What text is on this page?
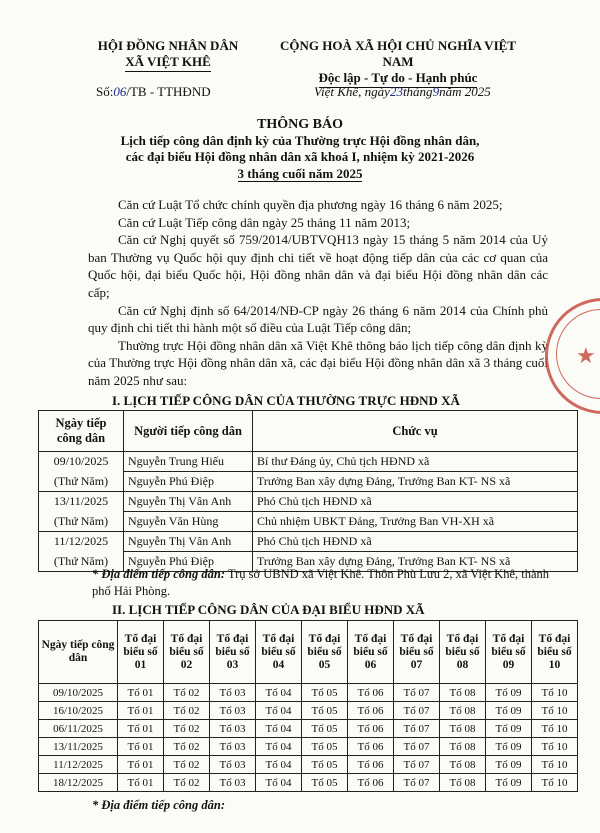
HỘI ĐỒNG NHÂN DÂN
XÃ VIỆT KHÊ
CỘNG HOÀ XÃ HỘI CHỦ NGHĨA VIỆT NAM
Độc lập - Tự do - Hạnh phúc
Số:06/TB - TTHĐND	Việt Khê, ngày23tháng9năm 2025
THÔNG BÁO
Lịch tiếp công dân định kỳ của Thường trực Hội đồng nhân dân,
các đại biểu Hội đồng nhân dân xã khoá I, nhiệm kỳ 2021-2026
3 tháng cuối năm 2025

Căn cứ Luật Tổ chức chính quyền địa phương ngày 16 tháng 6 năm 2025;

Căn cứ Luật Tiếp công dân ngày 25 tháng 11 năm 2013;

Căn cứ Nghị quyết số 759/2014/UBTVQH13 ngày 15 tháng 5 năm 2014 của Uỷ ban Thường vụ Quốc hội quy định chi tiết về hoạt động tiếp dân của các cơ quan của Quốc hội, đại biểu Quốc hội, Hội đồng nhân dân và đại biểu Hội đồng nhân dân các cấp;

Căn cứ Nghị định số 64/2014/NĐ-CP ngày 26 tháng 6 năm 2014 của Chính phủ quy định chi tiết thi hành một số điều của Luật Tiếp công dân;

Thường trực Hội đồng nhân dân xã Việt Khê thông báo lịch tiếp công dân định kỳ của Thường trực Hội đồng nhân dân xã, các đại biểu Hội đồng nhân dân xã 3 tháng cuối năm 2025 như sau:

★
I. LỊCH TIẾP CÔNG DÂN CỦA THƯỜNG TRỰC HĐND XÃ
Ngày tiếp công dân	Người tiếp công dân	Chức vụ
09/10/2025	Nguyễn Trung Hiếu	Bí thư Đảng ủy, Chủ tịch HĐND xã
(Thứ Năm)	Nguyễn Phú Điệp	Trưởng Ban xây dựng Đảng, Trưởng Ban KT- NS xã
13/11/2025	Nguyễn Thị Vân Anh	Phó Chủ tịch HĐND xã
(Thứ Năm)	Nguyễn Văn Hùng	Chủ nhiệm UBKT Đảng, Trưởng Ban VH-XH xã
11/12/2025	Nguyễn Thị Vân Anh	Phó Chủ tịch HĐND xã
(Thứ Năm)	Nguyễn Phú Điệp	Trưởng Ban xây dựng Đảng, Trưởng Ban KT- NS xã
* Địa điểm tiếp công dân: Trụ sở UBND xã Việt Khê. Thôn Phù Lưu 2, xã Việt Khê, thành phố Hải Phòng.
II. LỊCH TIẾP CÔNG DÂN CỦA ĐẠI BIỂU HĐND XÃ
Ngày tiếp công dân	Tổ đại biểu số 01	Tổ đại biểu số 02	Tổ đại biểu số 03	Tổ đại biểu số 04	Tổ đại biểu số 05	Tổ đại biểu số 06	Tổ đại biểu số 07	Tổ đại biểu số 08	Tổ đại biểu số 09	Tổ đại biểu số 10
09/10/2025	Tổ 01	Tổ 02	Tổ 03	Tổ 04	Tổ 05	Tổ 06	Tổ 07	Tổ 08	Tổ 09	Tổ 10
16/10/2025	Tổ 01	Tổ 02	Tổ 03	Tổ 04	Tổ 05	Tổ 06	Tổ 07	Tổ 08	Tổ 09	Tổ 10
06/11/2025	Tổ 01	Tổ 02	Tổ 03	Tổ 04	Tổ 05	Tổ 06	Tổ 07	Tổ 08	Tổ 09	Tổ 10
13/11/2025	Tổ 01	Tổ 02	Tổ 03	Tổ 04	Tổ 05	Tổ 06	Tổ 07	Tổ 08	Tổ 09	Tổ 10
11/12/2025	Tổ 01	Tổ 02	Tổ 03	Tổ 04	Tổ 05	Tổ 06	Tổ 07	Tổ 08	Tổ 09	Tổ 10
18/12/2025	Tổ 01	Tổ 02	Tổ 03	Tổ 04	Tổ 05	Tổ 06	Tổ 07	Tổ 08	Tổ 09	Tổ 10
* Địa điểm tiếp công dân:
